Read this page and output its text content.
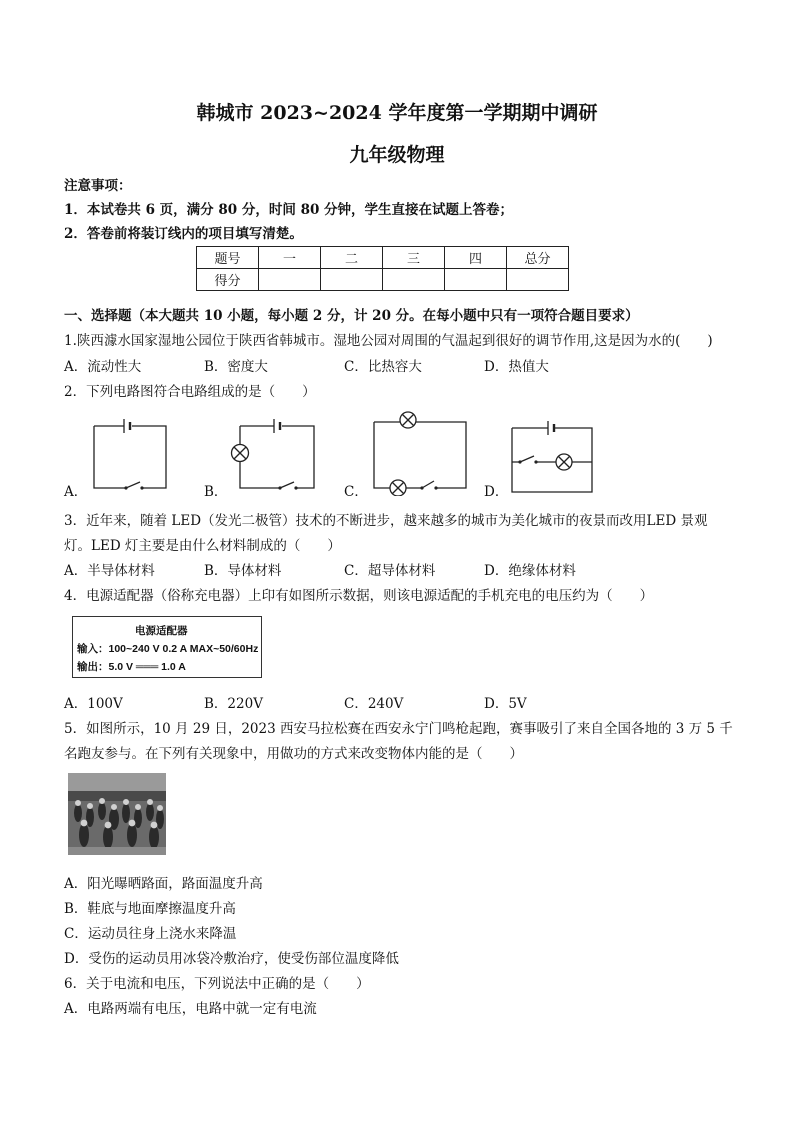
韩城市 2023~2024 学年度第一学期期中调研
九年级物理
注意事项：
1．本试卷共 6 页，满分 80 分，时间 80 分钟，学生直接在试题上答卷；
2．答卷前将装订线内的项目填写清楚。
题号	一	二	三	四	总分
得分					
一、选择题（本大题共 10 小题，每小题 2 分，计 20 分。在每小题中只有一项符合题目要求）
1.陕西澽水国家湿地公园位于陕西省韩城市。湿地公园对周围的气温起到很好的调节作用,这是因为水的(　　)
A．流动性大	B．密度大	C．比热容大	D．热值大
2．下列电路图符合电路组成的是（　　）
A．	B．	C．	D．
3．近年来，随着 LED（发光二极管）技术的不断进步，越来越多的城市为美化城市的夜景而改用LED 景观
灯。LED 灯主要是由什么材料制成的（　　）
A．半导体材料	B．导体材料	C．超导体材料	D．绝缘体材料
4．电源适配器（俗称充电器）上印有如图所示数据，则该电源适配的手机充电的电压约为（　　）
电源适配器
输入：100~240 V 0.2 A MAX~50/60Hz
输出：5.0 V ═══ 1.0 A
A．100V	B．220V	C．240V	D．5V
5．如图所示，10 月 29 日，2023 西安马拉松赛在西安永宁门鸣枪起跑，赛事吸引了来自全国各地的 3 万 5 千
名跑友参与。在下列有关现象中，用做功的方式来改变物体内能的是（　　）
A．阳光曝晒路面，路面温度升高
B．鞋底与地面摩擦温度升高
C．运动员往身上浇水来降温
D．受伤的运动员用冰袋冷敷治疗，使受伤部位温度降低
6．关于电流和电压，下列说法中正确的是（　　）
A．电路两端有电压，电路中就一定有电流
